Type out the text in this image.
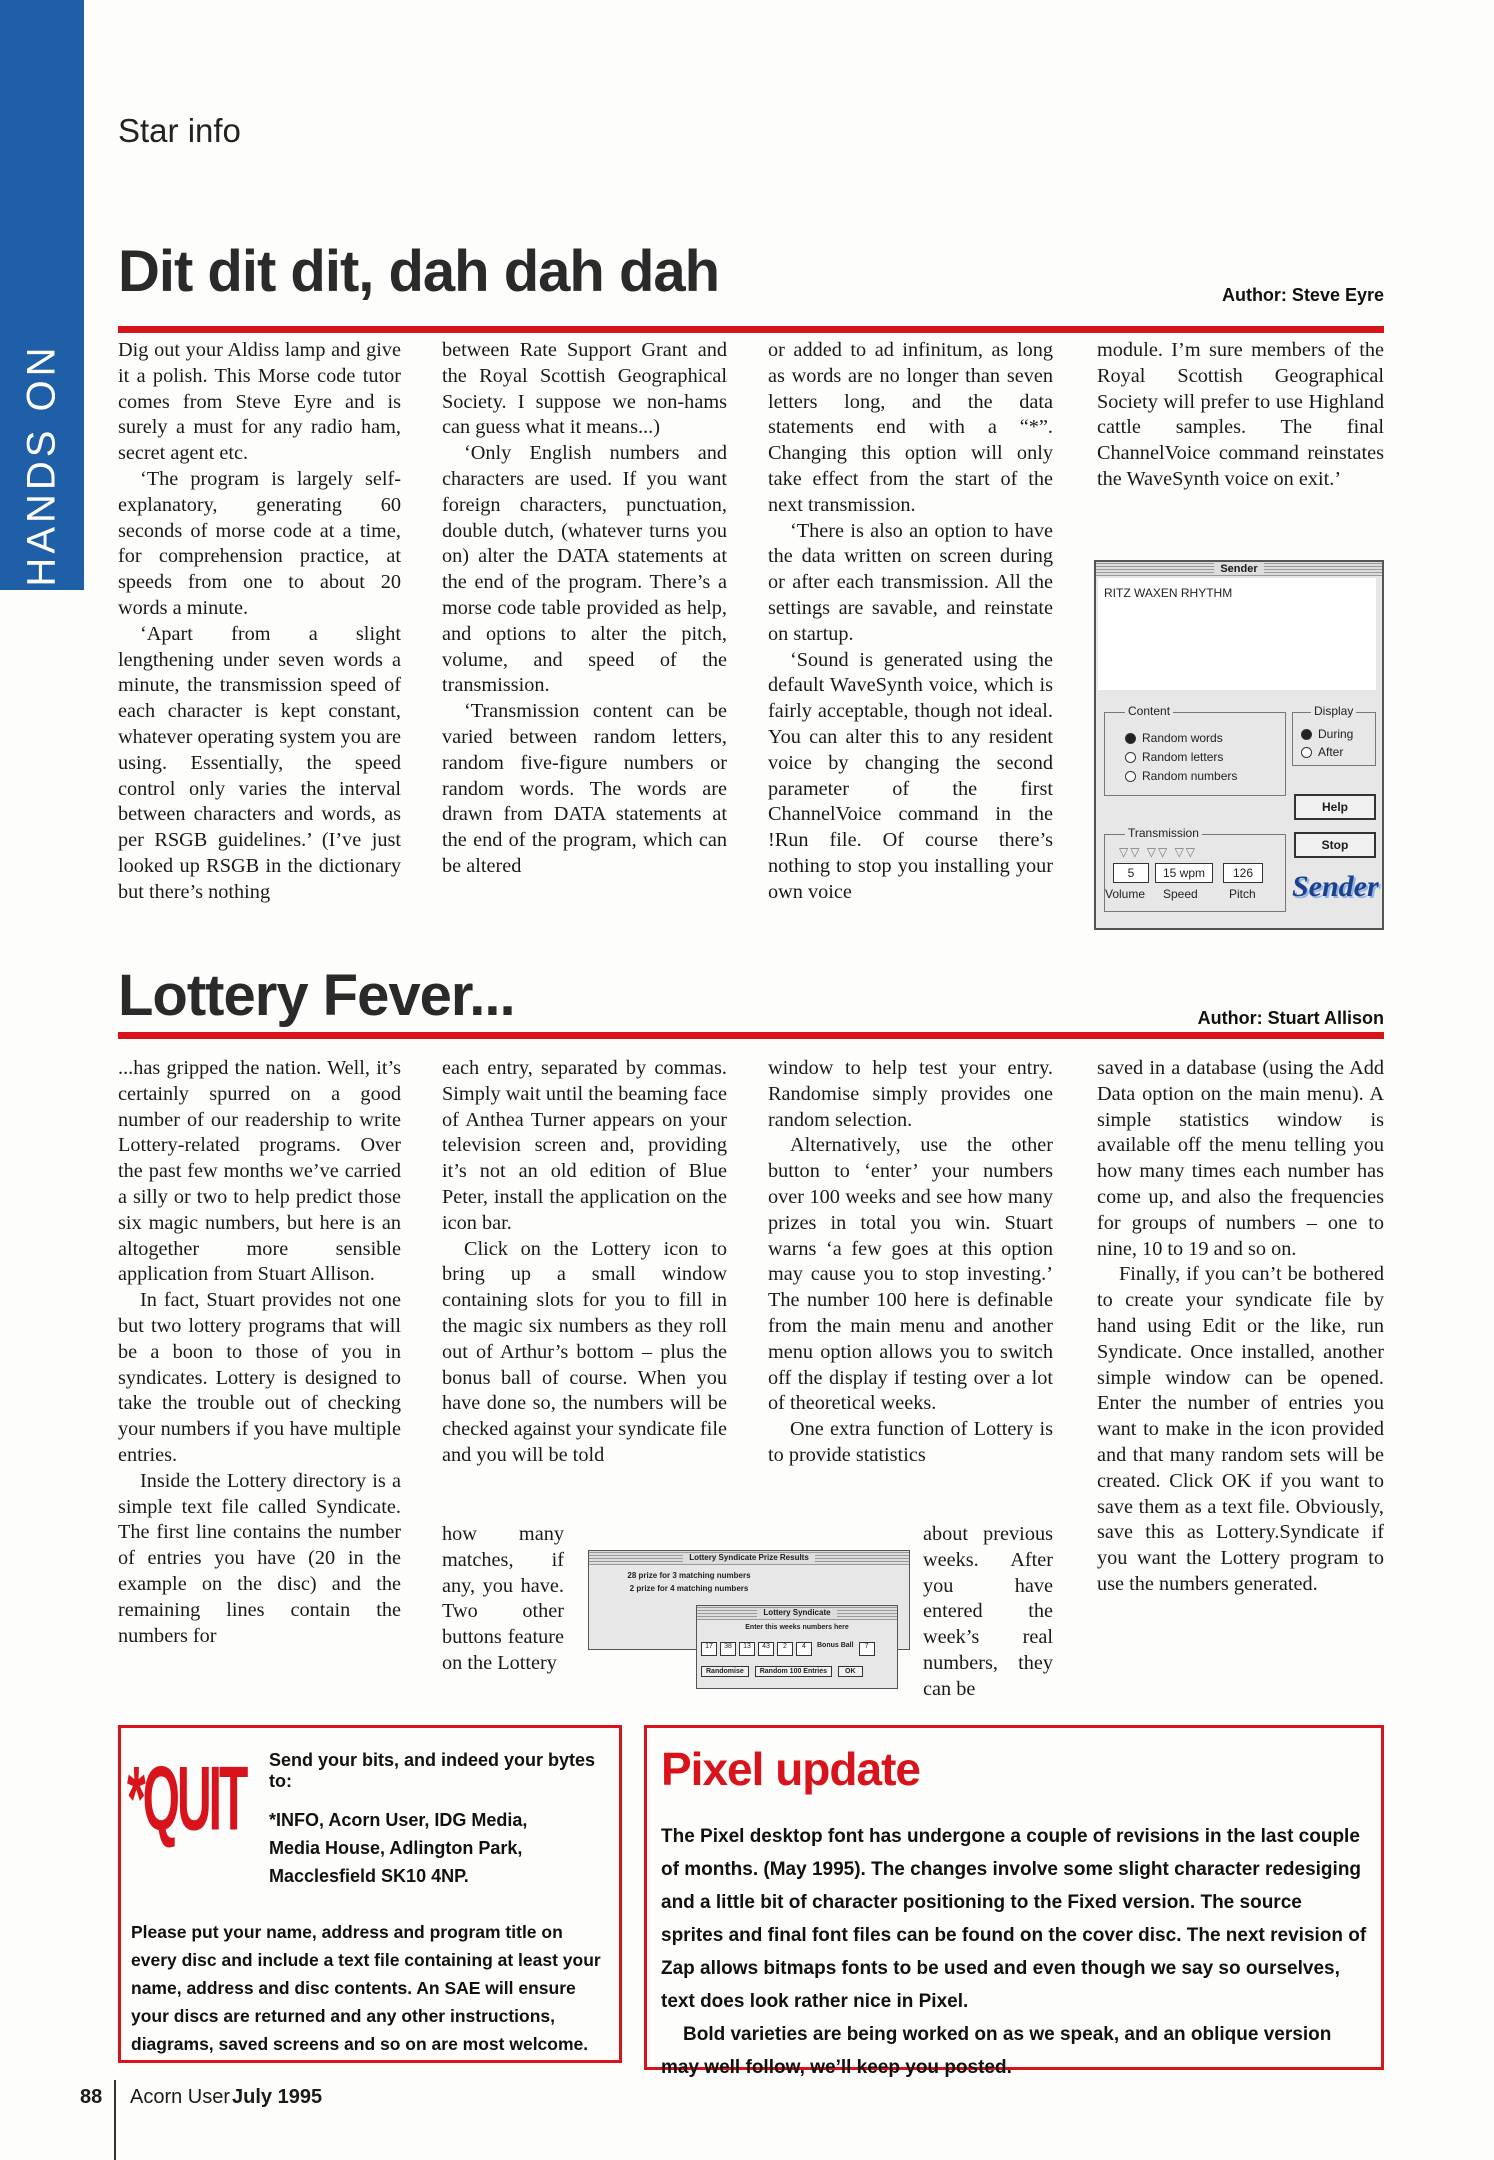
HANDS ON
Star info
Dit dit dit, dah dah dah	Author: Steve Eyre

Dig out your Aldiss lamp and give it a polish. This Morse code tutor comes from Steve Eyre and is surely a must for any radio ham, secret agent etc.

‘The program is largely self-explanatory, generating 60 seconds of morse code at a time, for comprehension practice, at speeds from one to about 20 words a minute.

‘Apart from a slight lengthening under seven words a minute, the transmission speed of each character is kept constant, whatever operating system you are using. Essentially, the speed control only varies the interval between characters and words, as per RSGB guidelines.’ (I’ve just looked up RSGB in the dictionary but there’s nothing

between Rate Support Grant and the Royal Scottish Geographical Society. I suppose we non-hams can guess what it means...)

‘Only English numbers and characters are used. If you want foreign characters, punctuation, double dutch, (whatever turns you on) alter the DATA statements at the end of the program. There’s a morse code table provided as help, and options to alter the pitch, volume, and speed of the transmission.

‘Transmission content can be varied between random letters, random five-figure numbers or random words. The words are drawn from DATA statements at the end of the program, which can be altered

or added to ad infinitum, as long as words are no longer than seven letters long, and the data statements end with a “*”. Changing this option will only take effect from the start of the next transmission.

‘There is also an option to have the data written on screen during or after each transmission. All the settings are savable, and reinstate on startup.

‘Sound is generated using the default WaveSynth voice, which is fairly acceptable, though not ideal. You can alter this to any resident voice by changing the second parameter of the first ChannelVoice command in the !Run file. Of course there’s nothing to stop you installing your own voice

module. I’m sure members of the Royal Scottish Geographical Society will prefer to use Highland cattle samples. The final ChannelVoice command reinstates the WaveSynth voice on exit.’

Sender
RITZ WAXEN RHYTHM
Content
Random words
Random letters
Random numbers
Display
During
After
Help
Stop
Transmission
▽▽ ▽▽ ▽▽
5	15 wpm	126
Volume Speed	Pitch Sender
Lottery Fever...	Author: Stuart Allison

...has gripped the nation. Well, it’s certainly spurred on a good number of our readership to write Lottery-related programs. Over the past few months we’ve carried a silly or two to help predict those six magic numbers, but here is an altogether more sensible application from Stuart Allison.

In fact, Stuart provides not one but two lottery programs that will be a boon to those of you in syndicates. Lottery is designed to take the trouble out of checking your numbers if you have multiple entries.

Inside the Lottery directory is a simple text file called Syndicate. The first line contains the number of entries you have (20 in the example on the disc) and the remaining lines contain the numbers for

each entry, separated by commas. Simply wait until the beaming face of Anthea Turner appears on your television screen and, providing it’s not an old edition of Blue Peter, install the application on the icon bar.

Click on the Lottery icon to bring up a small window containing slots for you to fill in the magic six numbers as they roll out of Arthur’s bottom – plus the bonus ball of course. When you have done so, the numbers will be checked against your syndicate file and you will be told

how many matches, if any, you have. Two other buttons feature on the Lottery

window to help test your entry. Randomise simply provides one random selection.

Alternatively, use the other button to ‘enter’ your numbers over 100 weeks and see how many prizes in total you win. Stuart warns ‘a few goes at this option may cause you to stop investing.’ The number 100 here is definable from the main menu and another menu option allows you to switch off the display if testing over a lot of theoretical weeks.

One extra function of Lottery is to provide statistics

about previous weeks. After you have entered the week’s real numbers, they can be

saved in a database (using the Add Data option on the main menu). A simple statistics window is available off the menu telling you how many times each number has come up, and also the frequencies for groups of numbers – one to nine, 10 to 19 and so on.

Finally, if you can’t be bothered to create your syndicate file by hand using Edit or the like, run Syndicate. Once installed, another simple window can be opened. Enter the number of entries you want to make in the icon provided and that many random sets will be created. Click OK if you want to save them as a text file. Obviously, save this as Lottery.Syndicate if you want the Lottery program to use the numbers generated.

Lottery Syndicate Prize Results
28 prize for 3 matching numbers
2 prize for 4 matching numbers
Lottery Syndicate
Enter this weeks numbers here
17	38	13	43	2	4	Bonus Ball	7
Randomise	Random 100 Entries	OK
*QUIT Send your bits, and indeed your bytes to:
*INFO, Acorn User, IDG Media,
Media House, Adlington Park,
Macclesfield SK10 4NP.
Please put your name, address and program title on every disc and include a text file containing at least your name, address and disc contents. An SAE will ensure your discs are returned and any other instructions, diagrams, saved screens and so on are most welcome.
Pixel update
The Pixel desktop font has undergone a couple of revisions in the last couple of months. (May 1995). The changes involve some slight character redesiging and a little bit of character positioning to the Fixed version. The source sprites and final font files can be found on the cover disc. The next revision of Zap allows bitmaps fonts to be used and even though we say so ourselves, text does look rather nice in Pixel.
Bold varieties are being worked on as we speak, and an oblique version may well follow, we’ll keep you posted.
88 Acorn User July 1995
